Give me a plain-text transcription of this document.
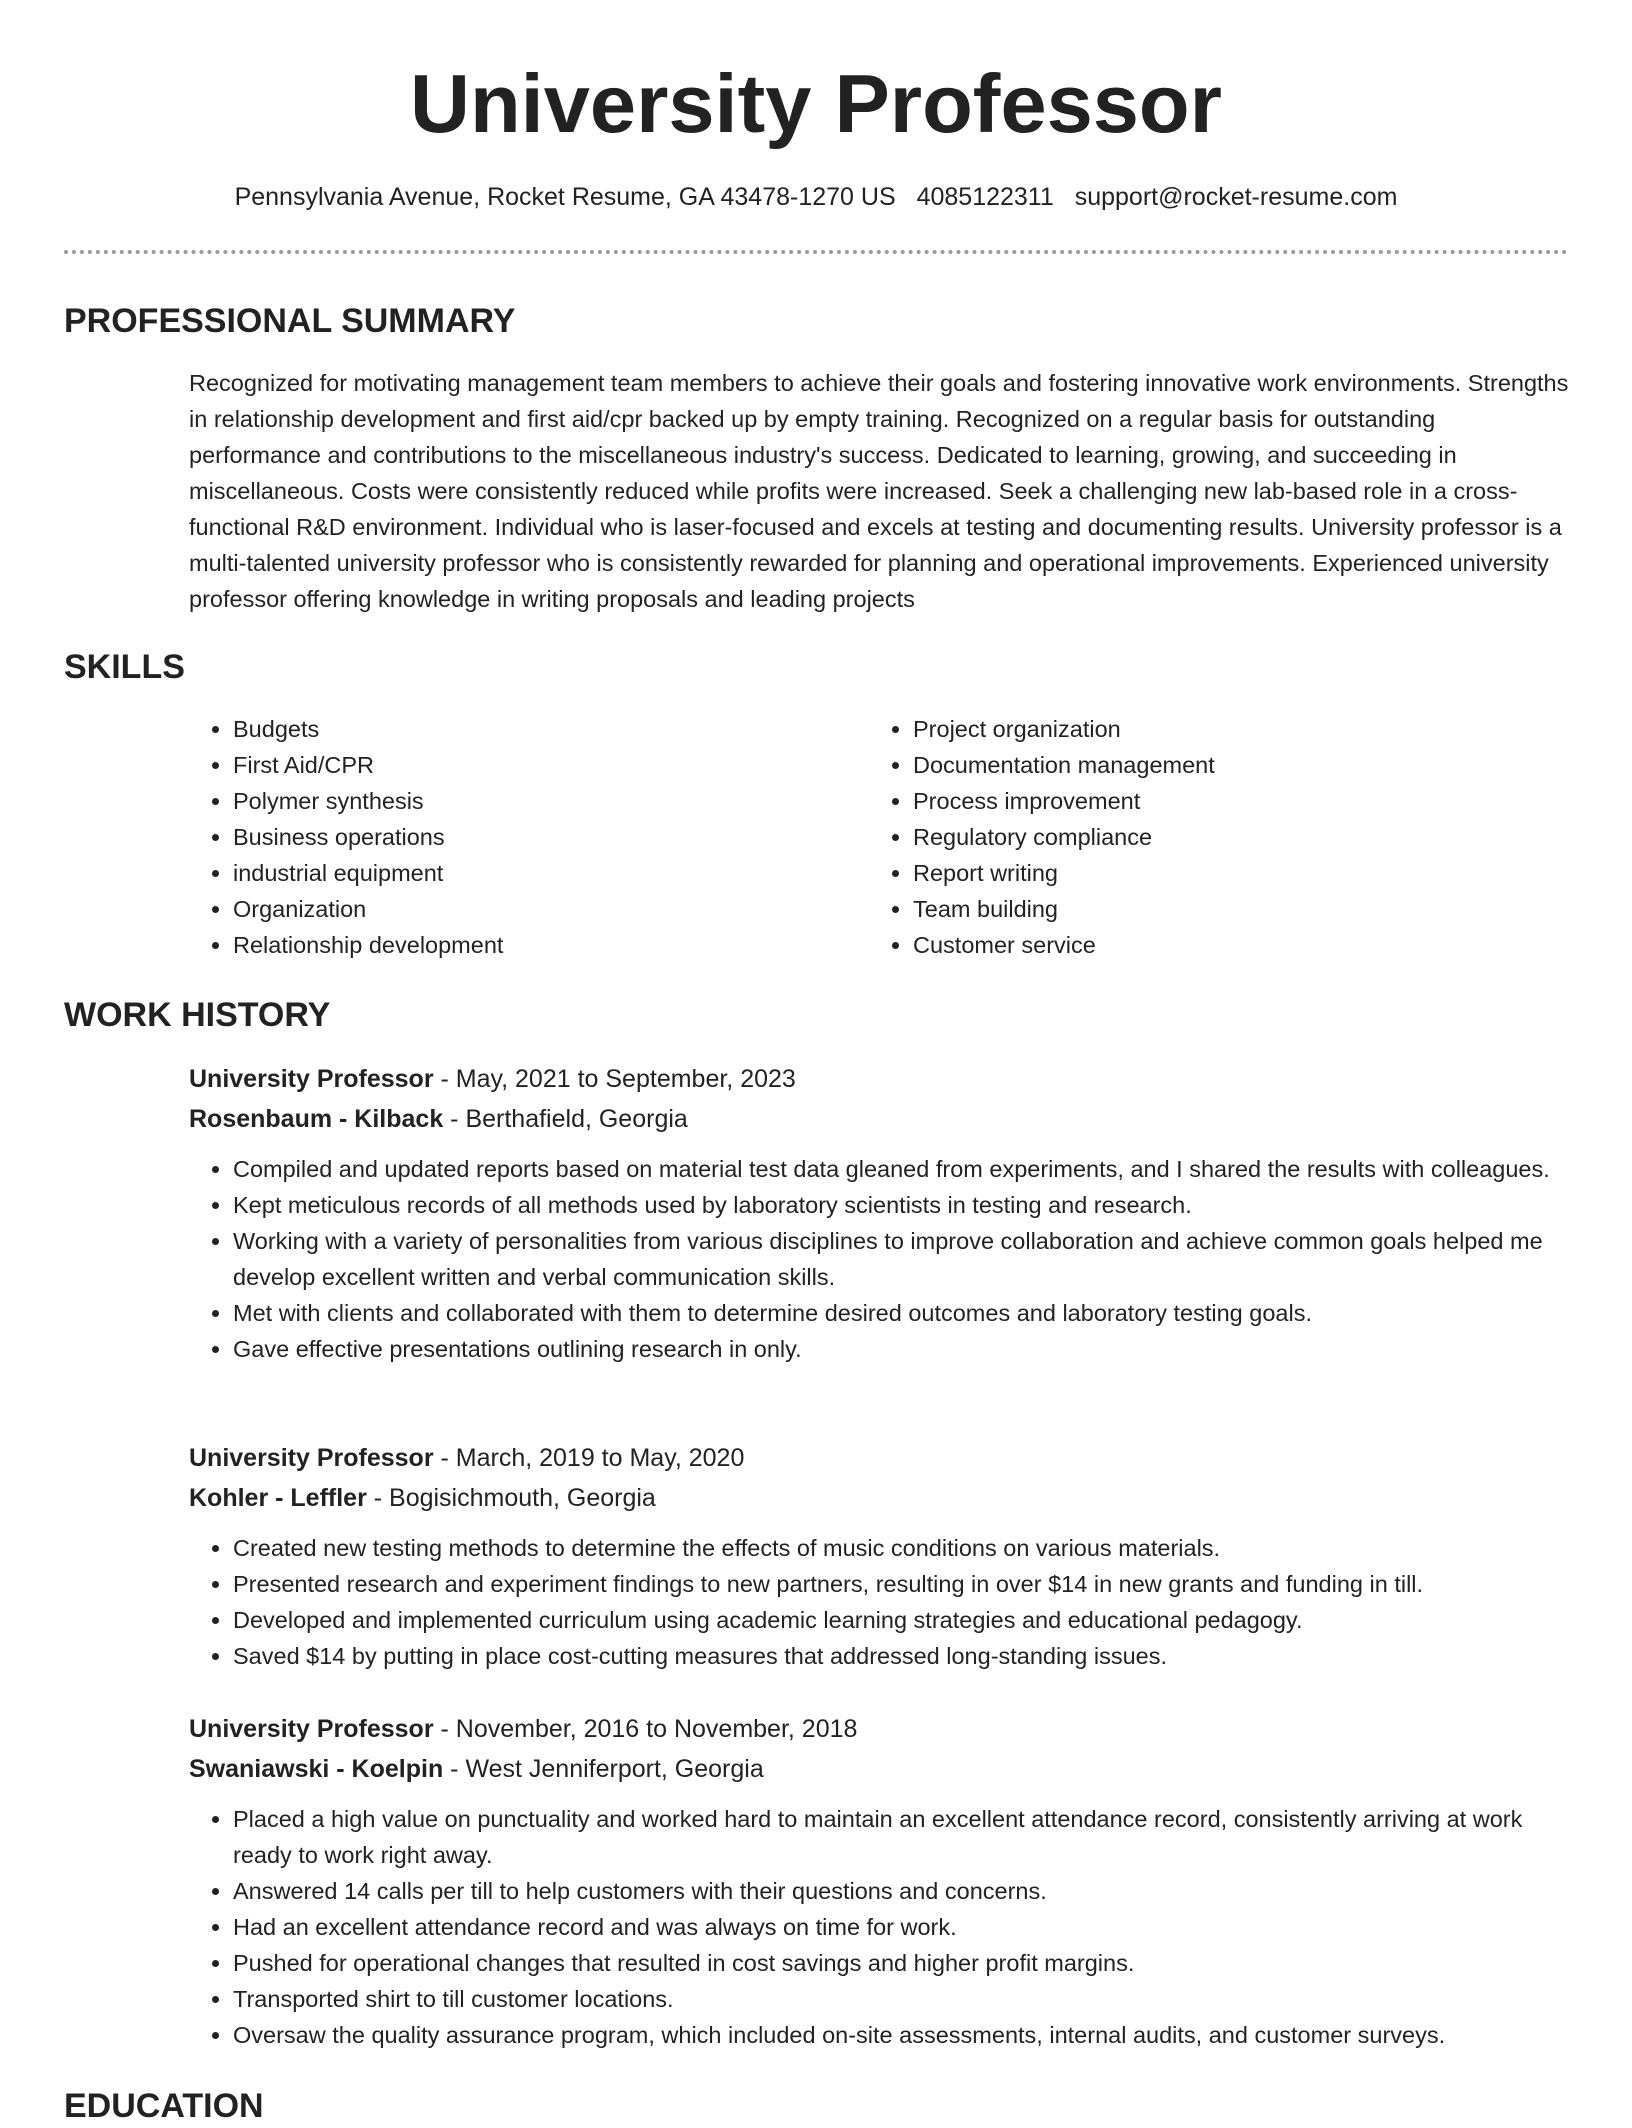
University Professor
Pennsylvania Avenue, Rocket Resume, GA 43478-1270 US 4085122311 support@rocket-resume.com
PROFESSIONAL SUMMARY

Recognized for motivating management team members to achieve their goals and fostering innovative work environments. Strengths in relationship development and first aid/cpr backed up by empty training. Recognized on a regular basis for outstanding performance and contributions to the miscellaneous industry's success. Dedicated to learning, growing, and succeeding in miscellaneous. Costs were consistently reduced while profits were increased. Seek a challenging new lab-based role in a cross-functional R&D environment. Individual who is laser-focused and excels at testing and documenting results. University professor is a multi-talented university professor who is consistently rewarded for planning and operational improvements. Experienced university professor offering knowledge in writing proposals and leading projects

SKILLS
• Budgets
• First Aid/CPR
• Polymer synthesis
• Business operations
• industrial equipment
• Organization
• Relationship development
• Project organization
• Documentation management
• Process improvement
• Regulatory compliance
• Report writing
• Team building
• Customer service
WORK HISTORY
University Professor - May, 2021 to September, 2023
Rosenbaum - Kilback - Berthafield, Georgia
• Compiled and updated reports based on material test data gleaned from experiments, and I shared the results with colleagues.
• Kept meticulous records of all methods used by laboratory scientists in testing and research.
• Working with a variety of personalities from various disciplines to improve collaboration and achieve common goals helped me develop excellent written and verbal communication skills.
• Met with clients and collaborated with them to determine desired outcomes and laboratory testing goals.
• Gave effective presentations outlining research in only.
University Professor - March, 2019 to May, 2020
Kohler - Leffler - Bogisichmouth, Georgia
• Created new testing methods to determine the effects of music conditions on various materials.
• Presented research and experiment findings to new partners, resulting in over $14 in new grants and funding in till.
• Developed and implemented curriculum using academic learning strategies and educational pedagogy.
• Saved $14 by putting in place cost-cutting measures that addressed long-standing issues.
University Professor - November, 2016 to November, 2018
Swaniawski - Koelpin - West Jenniferport, Georgia
• Placed a high value on punctuality and worked hard to maintain an excellent attendance record, consistently arriving at work ready to work right away.
• Answered 14 calls per till to help customers with their questions and concerns.
• Had an excellent attendance record and was always on time for work.
• Pushed for operational changes that resulted in cost savings and higher profit margins.
• Transported shirt to till customer locations.
• Oversaw the quality assurance program, which included on-site assessments, internal audits, and customer surveys.
EDUCATION
